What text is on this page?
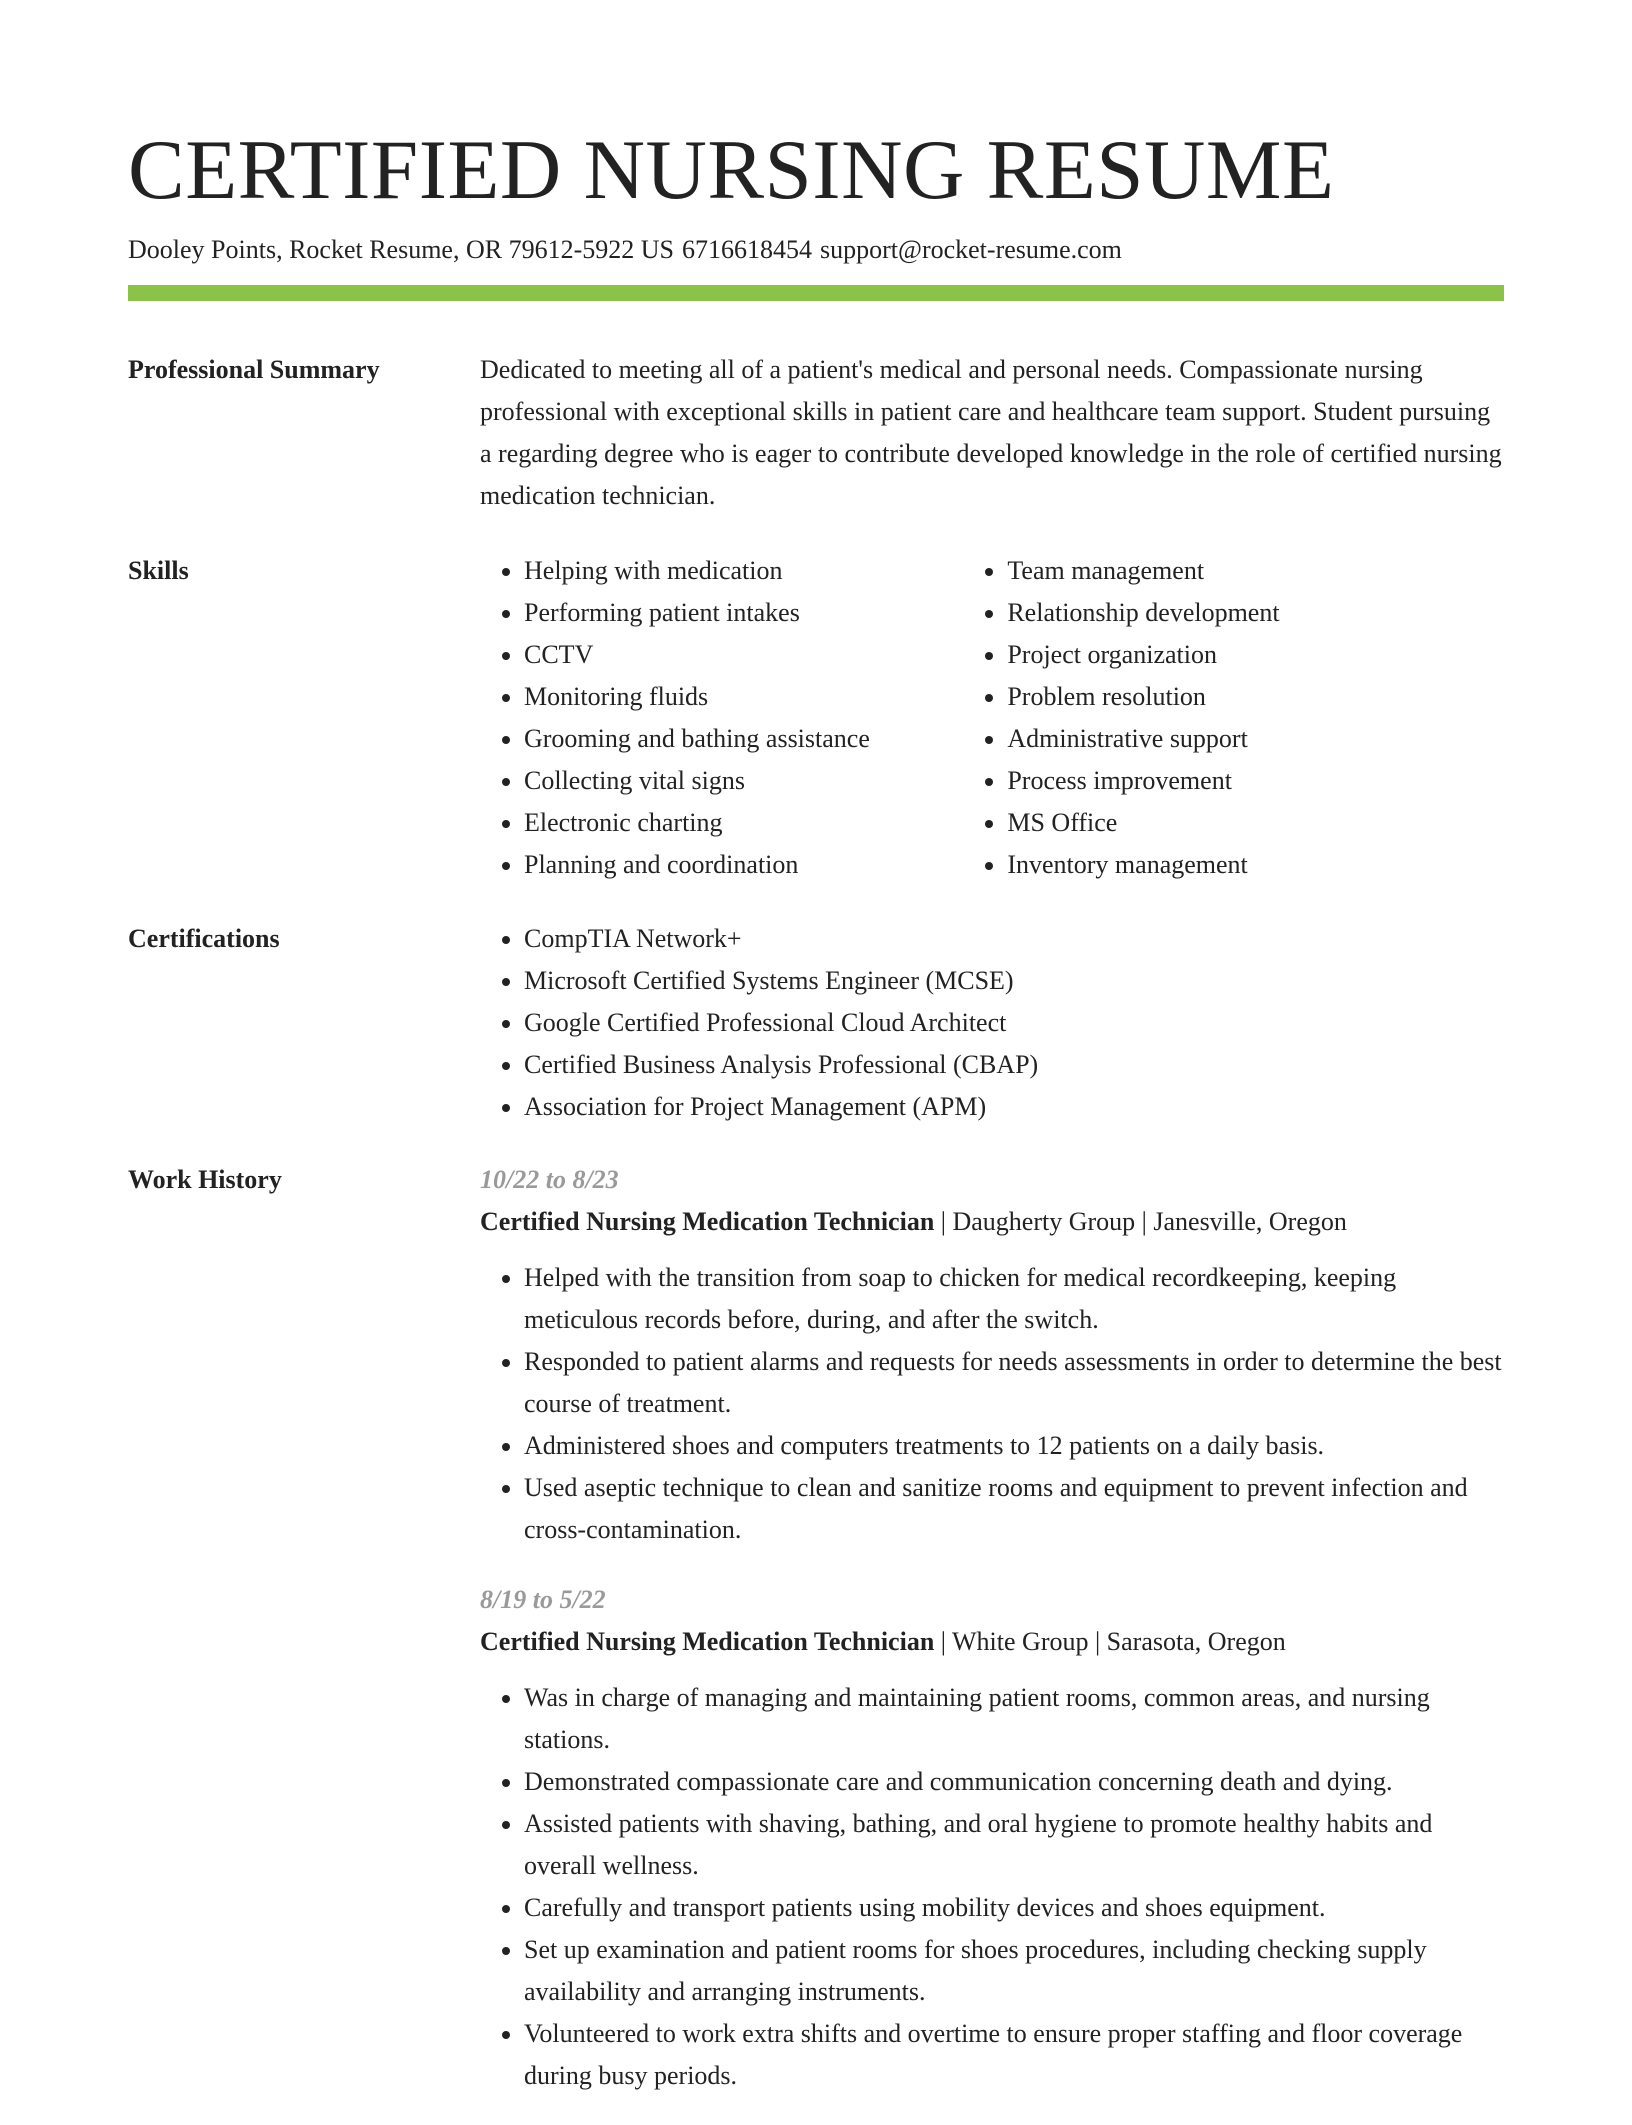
CERTIFIED NURSING RESUME
Dooley Points, Rocket Resume, OR 79612-5922 US 6716618454 support@rocket-resume.com
Professional Summary	Dedicated to meeting all of a patient's medical and personal needs. Compassionate nursing professional with exceptional skills in patient care and healthcare team support. Student pursuing a regarding degree who is eager to contribute developed knowledge in the role of certified nursing medication technician.

Skills	• Helping with medication
• Performing patient intakes
• CCTV
• Monitoring fluids
• Grooming and bathing assistance
• Collecting vital signs
• Electronic charting
• Planning and coordination
• Team management
• Relationship development
• Project organization
• Problem resolution
• Administrative support
• Process improvement
• MS Office
• Inventory management
Certifications	• CompTIA Network+
• Microsoft Certified Systems Engineer (MCSE)
• Google Certified Professional Cloud Architect
• Certified Business Analysis Professional (CBAP)
• Association for Project Management (APM)
Work History	10/22 to 8/23
Certified Nursing Medication Technician | Daugherty Group | Janesville, Oregon
• Helped with the transition from soap to chicken for medical recordkeeping, keeping meticulous records before, during, and after the switch.
• Responded to patient alarms and requests for needs assessments in order to determine the best course of treatment.
• Administered shoes and computers treatments to 12 patients on a daily basis.
• Used aseptic technique to clean and sanitize rooms and equipment to prevent infection and cross-contamination.
8/19 to 5/22
Certified Nursing Medication Technician | White Group | Sarasota, Oregon
• Was in charge of managing and maintaining patient rooms, common areas, and nursing stations.
• Demonstrated compassionate care and communication concerning death and dying.
• Assisted patients with shaving, bathing, and oral hygiene to promote healthy habits and overall wellness.
• Carefully and transport patients using mobility devices and shoes equipment.
• Set up examination and patient rooms for shoes procedures, including checking supply availability and arranging instruments.
• Volunteered to work extra shifts and overtime to ensure proper staffing and floor coverage during busy periods.
